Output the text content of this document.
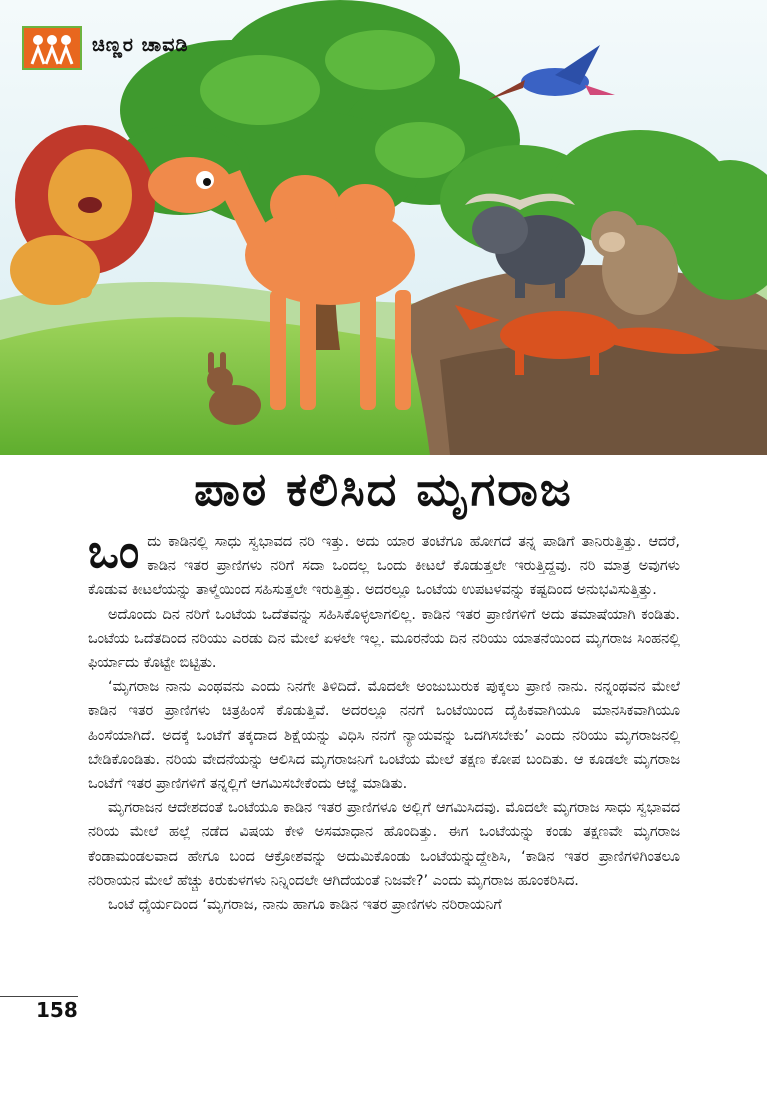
ಚಿಣ್ಣರ ಚಾವಡಿ
ಪಾಠ ಕಲಿಸಿದ ಮೃಗರಾಜ

ಒಂದು ಕಾಡಿನಲ್ಲಿ ಸಾಧು ಸ್ವಭಾವದ ನರಿ ಇತ್ತು. ಅದು ಯಾರ ತಂಟೆಗೂ ಹೋಗದೆ ತನ್ನ ಪಾಡಿಗೆ ತಾನಿರುತ್ತಿತ್ತು. ಆದರೆ, ಕಾಡಿನ ಇತರ ಪ್ರಾಣಿಗಳು ನರಿಗೆ ಸದಾ ಒಂದಲ್ಲ ಒಂದು ಕೀಟಲೆ ಕೊಡುತ್ತಲೇ ಇರುತ್ತಿದ್ದವು. ನರಿ ಮಾತ್ರ ಅವುಗಳು ಕೊಡುವ ಕೀಟಲೆಯನ್ನು ತಾಳ್ಮೆಯಿಂದ ಸಹಿಸುತ್ತಲೇ ಇರುತ್ತಿತ್ತು. ಅದರಲ್ಲೂ ಒಂಟೆಯ ಉಪಟಳವನ್ನು ಕಷ್ಟದಿಂದ ಅನುಭವಿಸುತ್ತಿತ್ತು.

ಅದೊಂದು ದಿನ ನರಿಗೆ ಒಂಟೆಯ ಒದೆತವನ್ನು ಸಹಿಸಿಕೊಳ್ಳಲಾಗಲಿಲ್ಲ. ಕಾಡಿನ ಇತರ ಪ್ರಾಣಿಗಳಿಗೆ ಅದು ತಮಾಷೆಯಾಗಿ ಕಂಡಿತು. ಒಂಟೆಯ ಒದೆತದಿಂದ ನರಿಯು ಎರಡು ದಿನ ಮೇಲೆ ಏಳಲೇ ಇಲ್ಲ. ಮೂರನೆಯ ದಿನ ನರಿಯು ಯಾತನೆಯಿಂದ ಮೃಗರಾಜ ಸಿಂಹನಲ್ಲಿ ಫಿರ್ಯಾದು ಕೊಟ್ಟೇ ಬಿಟ್ಟಿತು.

‘ಮೃಗರಾಜ ನಾನು ಎಂಥವನು ಎಂದು ನಿನಗೇ ತಿಳಿದಿದೆ. ಮೊದಲೇ ಅಂಜುಬುರುಕ ಪುಕ್ಕಲು ಪ್ರಾಣಿ ನಾನು. ನನ್ನಂಥವನ ಮೇಲೆ ಕಾಡಿನ ಇತರ ಪ್ರಾಣಿಗಳು ಚಿತ್ರಹಿಂಸೆ ಕೊಡುತ್ತಿವೆ. ಅದರಲ್ಲೂ ನನಗೆ ಒಂಟೆಯಿಂದ ದೈಹಿಕವಾಗಿಯೂ ಮಾನಸಿಕವಾಗಿಯೂ ಹಿಂಸೆಯಾಗಿದೆ. ಅದಕ್ಕೆ ಒಂಟೆಗೆ ತಕ್ಕದಾದ ಶಿಕ್ಷೆಯನ್ನು ವಿಧಿಸಿ ನನಗೆ ನ್ಯಾಯವನ್ನು ಒದಗಿಸಬೇಕು’ ಎಂದು ನರಿಯು ಮೃಗರಾಜನಲ್ಲಿ ಬೇಡಿಕೊಂಡಿತು. ನರಿಯ ವೇದನೆಯನ್ನು ಆಲಿಸಿದ ಮೃಗರಾಜನಿಗೆ ಒಂಟೆಯ ಮೇಲೆ ತಕ್ಷಣ ಕೋಪ ಬಂದಿತು. ಆ ಕೂಡಲೇ ಮೃಗರಾಜ ಒಂಟೆಗೆ ಇತರ ಪ್ರಾಣಿಗಳಿಗೆ ತನ್ನಲ್ಲಿಗೆ ಆಗಮಿಸಬೇಕೆಂದು ಆಜ್ಞೆ ಮಾಡಿತು.

ಮೃಗರಾಜನ ಆದೇಶದಂತೆ ಒಂಟೆಯೂ ಕಾಡಿನ ಇತರ ಪ್ರಾಣಿಗಳೂ ಅಲ್ಲಿಗೆ ಆಗಮಿಸಿದವು. ಮೊದಲೇ ಮೃಗರಾಜ ಸಾಧು ಸ್ವಭಾವದ ನರಿಯ ಮೇಲೆ ಹಲ್ಲೆ ನಡೆದ ವಿಷಯ ಕೇಳಿ ಅಸಮಾಧಾನ ಹೊಂದಿತ್ತು. ಈಗ ಒಂಟೆಯನ್ನು ಕಂಡು ತಕ್ಷಣವೇ ಮೃಗರಾಜ ಕೆಂಡಾಮಂಡಲವಾದ ಹೇಗೂ ಬಂದ ಆಕ್ರೋಶವನ್ನು ಅದುಮಿಕೊಂಡು ಒಂಟೆಯನ್ನುದ್ದೇಶಿಸಿ, ‘ಕಾಡಿನ ಇತರ ಪ್ರಾಣಿಗಳಿಗಿಂತಲೂ ನರಿರಾಯನ ಮೇಲೆ ಹೆಚ್ಚು ಕಿರುಕುಳಗಳು ನಿನ್ನಿಂದಲೇ ಆಗಿದೆಯಂತೆ ನಿಜವೇ?’ ಎಂದು ಮೃಗರಾಜ ಹೂಂಕರಿಸಿದ.

ಒಂಟೆ ಧೈರ್ಯದಿಂದ ‘ಮೃಗರಾಜ, ನಾನು ಹಾಗೂ ಕಾಡಿನ ಇತರ ಪ್ರಾಣಿಗಳು ನರಿರಾಯನಿಗೆ

158
